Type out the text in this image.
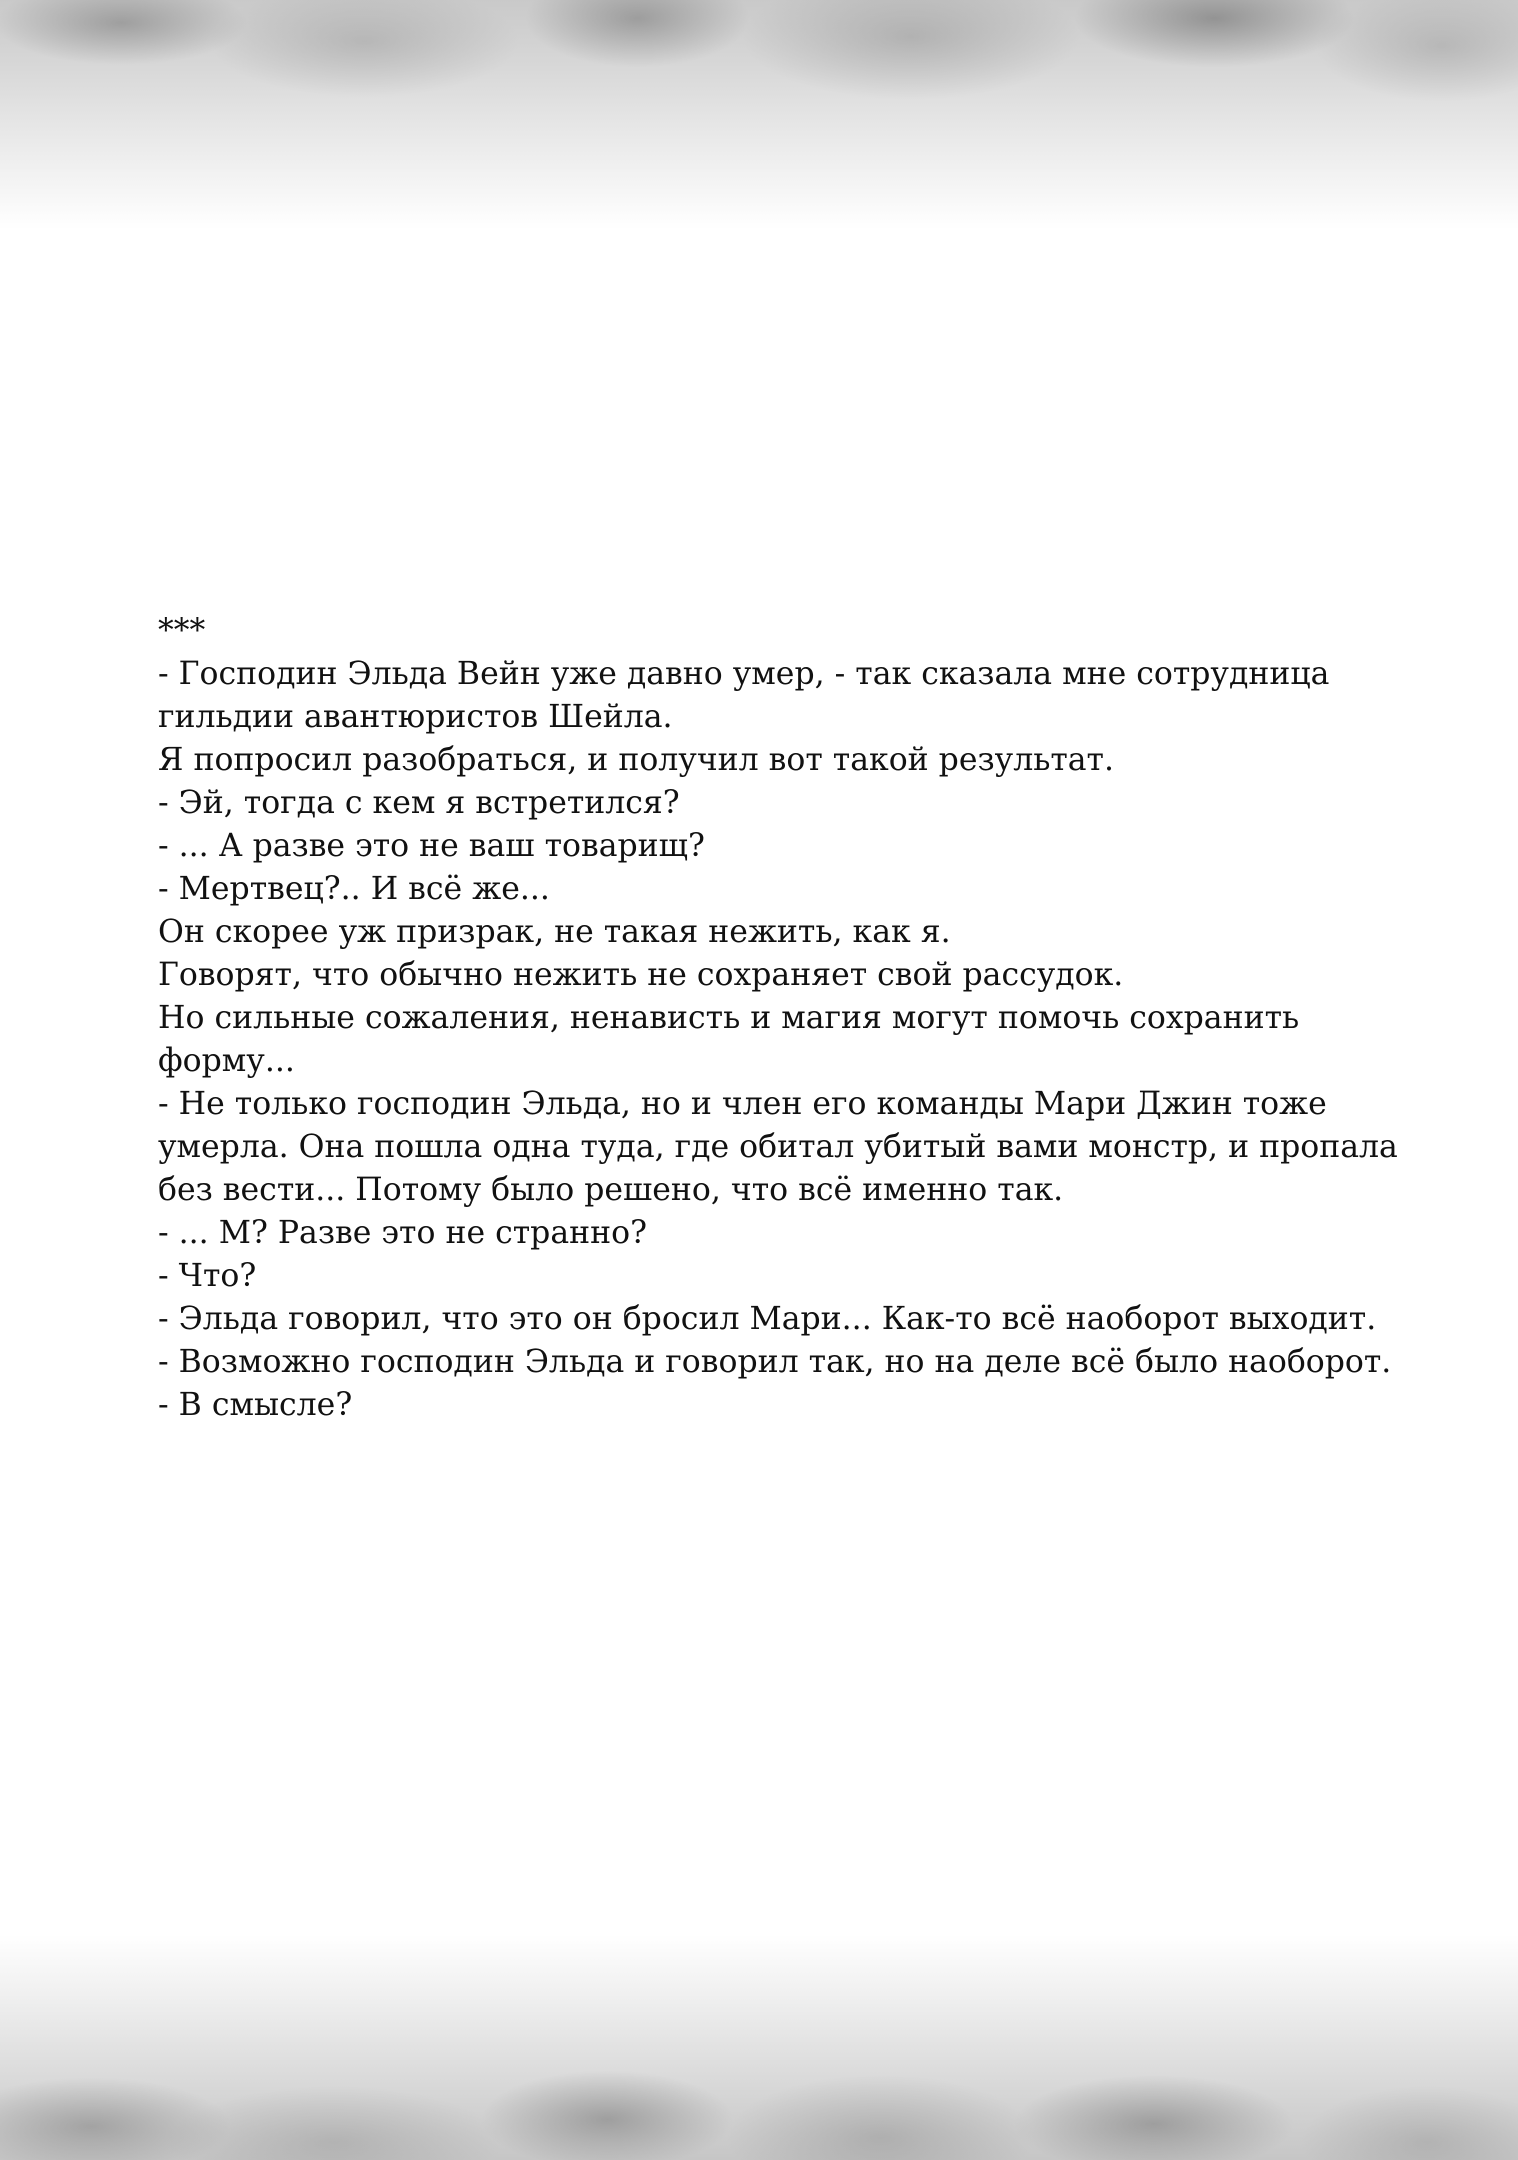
***

- Господин Эльда Вейн уже давно умер, - так сказала мне сотрудница гильдии авантюристов Шейла.

Я попросил разобраться, и получил вот такой результат.

- Эй, тогда с кем я встретился?

- ... А разве это не ваш товарищ?

- Мертвец?.. И всё же...

Он скорее уж призрак, не такая нежить, как я.

Говорят, что обычно нежить не сохраняет свой рассудок.

Но сильные сожаления, ненависть и магия могут помочь сохранить форму...

- Не только господин Эльда, но и член его команды Мари Джин тоже умерла. Она пошла одна туда, где обитал убитый вами монстр, и пропала без вести... Потому было решено, что всё именно так.

- ... М? Разве это не странно?

- Что?

- Эльда говорил, что это он бросил Мари... Как-то всё наоборот выходит.

- Возможно господин Эльда и говорил так, но на деле всё было наоборот.

- В смысле?
